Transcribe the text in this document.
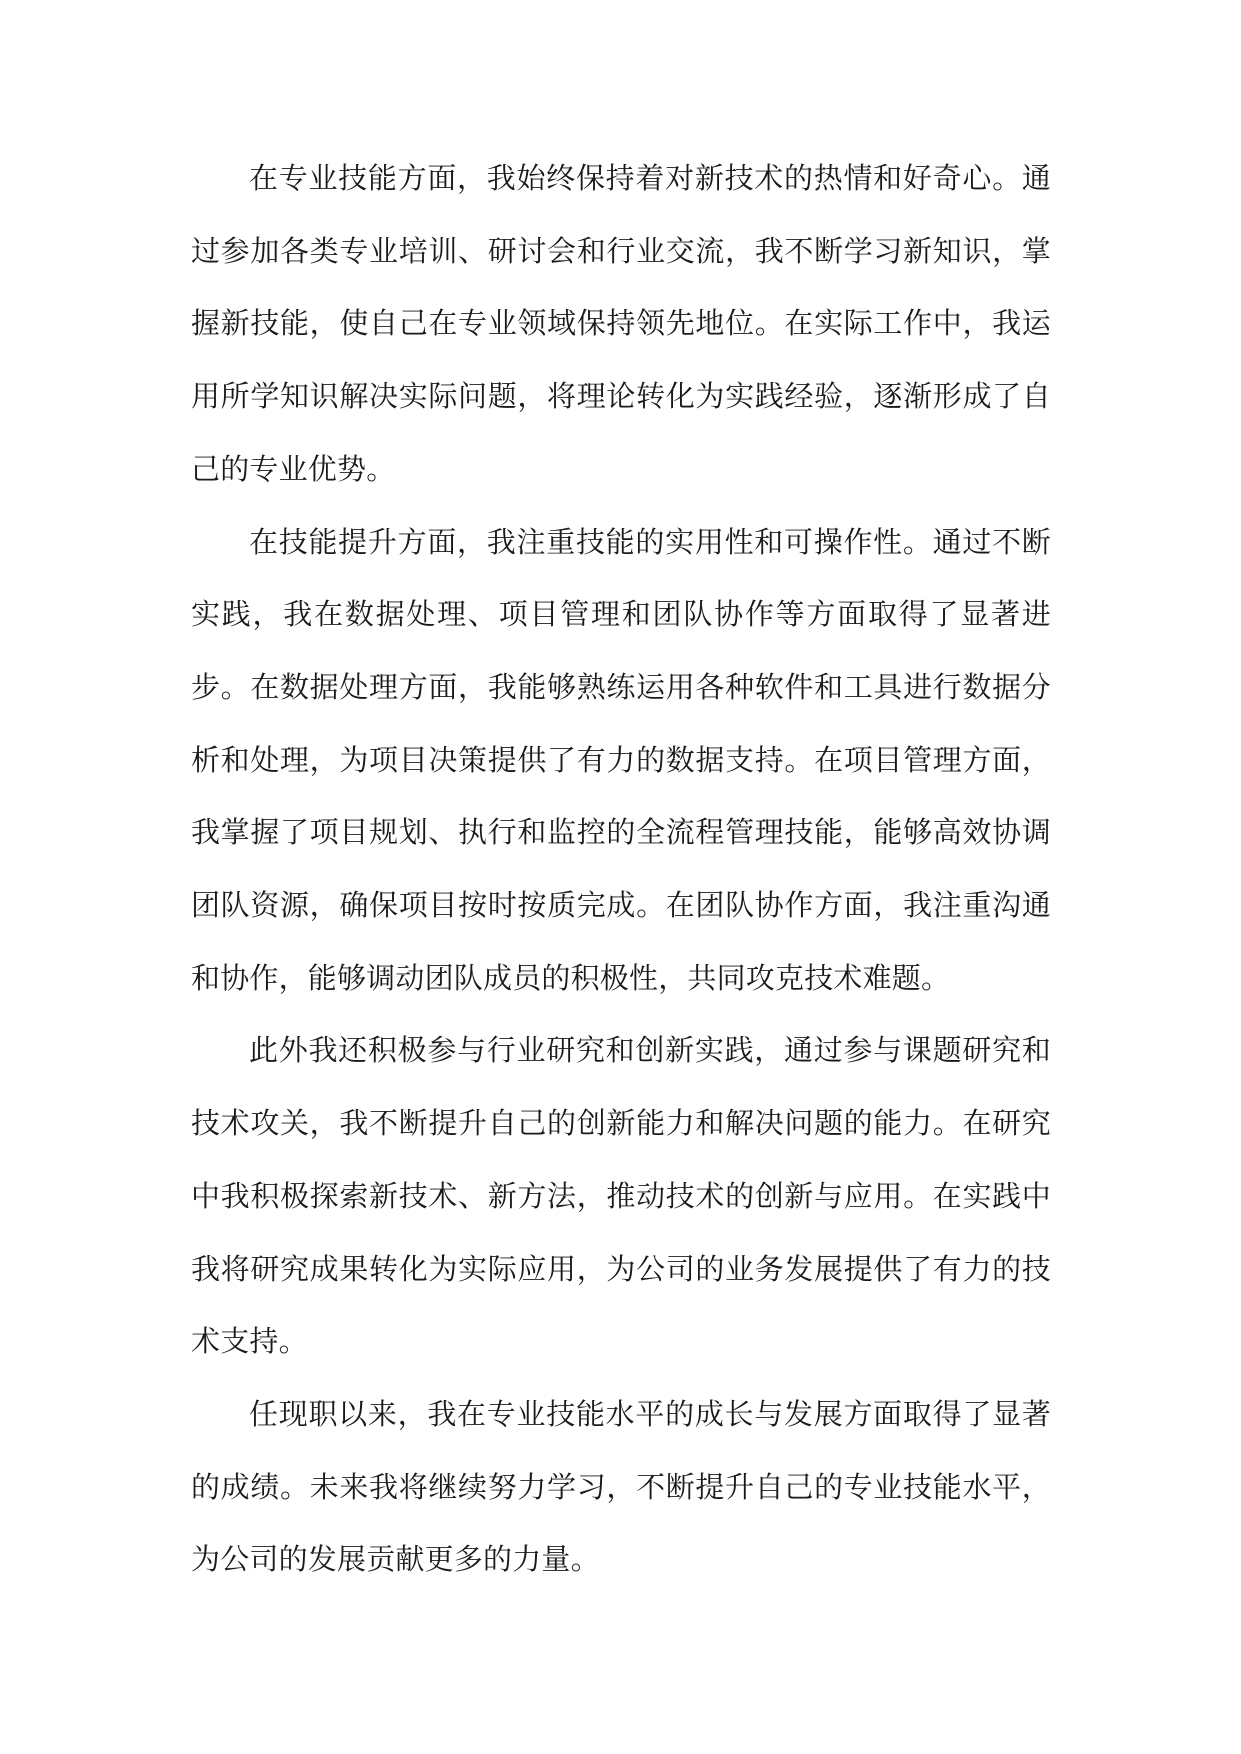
在专业技能方面，我始终保持着对新技术的热情和好奇心。通过参加各类专业培训、研讨会和行业交流，我不断学习新知识，掌握新技能，使自己在专业领域保持领先地位。在实际工作中，我运用所学知识解决实际问题，将理论转化为实践经验，逐渐形成了自己的专业优势。

在技能提升方面，我注重技能的实用性和可操作性。通过不断实践，我在数据处理、项目管理和团队协作等方面取得了显著进步。在数据处理方面，我能够熟练运用各种软件和工具进行数据分析和处理，为项目决策提供了有力的数据支持。在项目管理方面，我掌握了项目规划、执行和监控的全流程管理技能，能够高效协调团队资源，确保项目按时按质完成。在团队协作方面，我注重沟通和协作，能够调动团队成员的积极性，共同攻克技术难题。

此外我还积极参与行业研究和创新实践，通过参与课题研究和技术攻关，我不断提升自己的创新能力和解决问题的能力。在研究中我积极探索新技术、新方法，推动技术的创新与应用。在实践中我将研究成果转化为实际应用，为公司的业务发展提供了有力的技术支持。

任现职以来，我在专业技能水平的成长与发展方面取得了显著的成绩。未来我将继续努力学习，不断提升自己的专业技能水平，为公司的发展贡献更多的力量。
